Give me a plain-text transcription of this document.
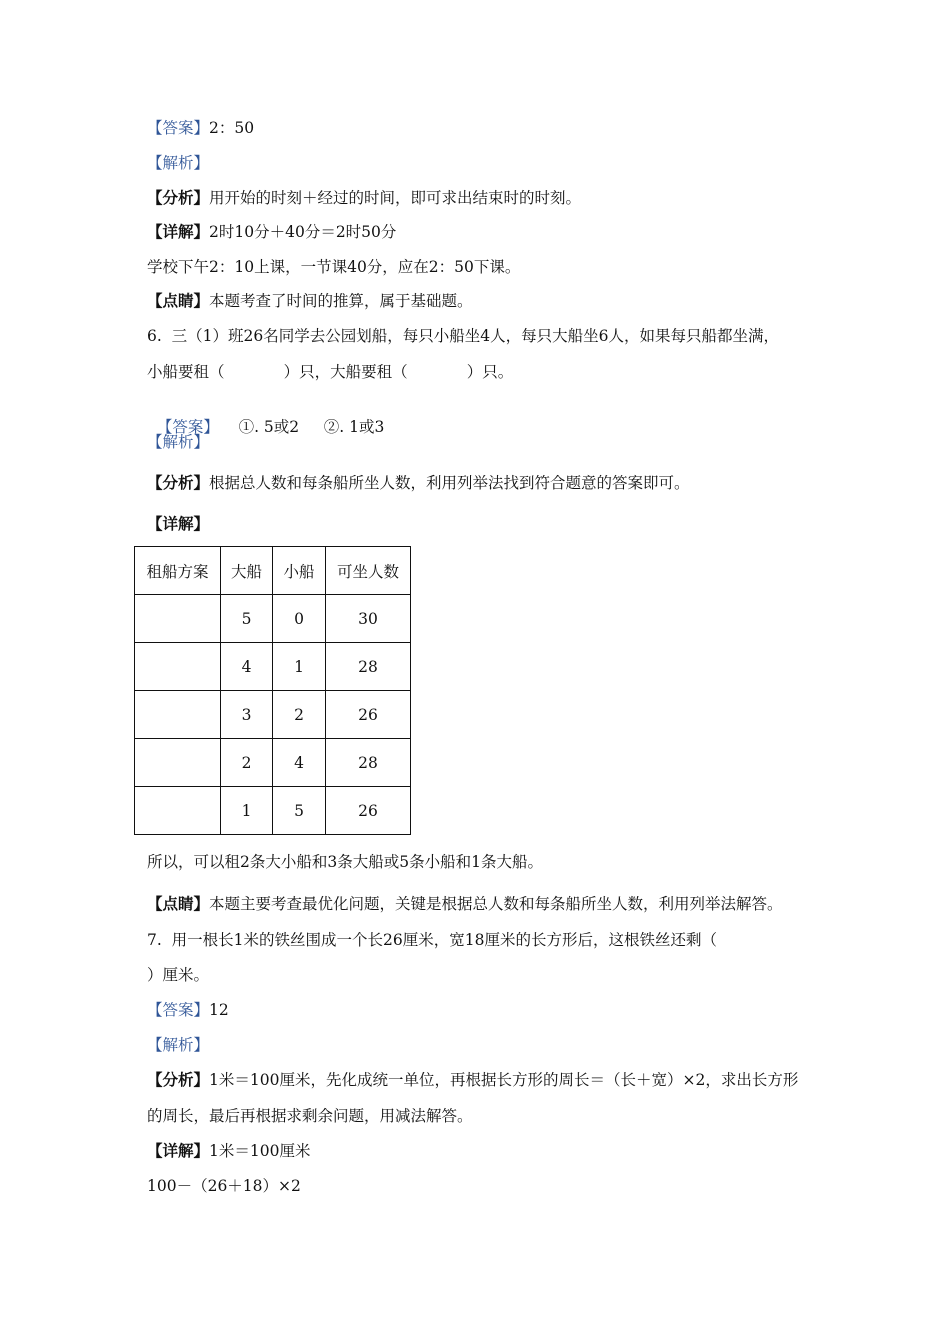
【答案】2：50
【解析】
【分析】用开始的时刻＋经过的时间，即可求出结束时的时刻。
【详解】2时10分＋40分＝2时50分
学校下午2：10上课，一节课40分，应在2：50下课。
【点睛】本题考查了时间的推算，属于基础题。
6.  三（1）班26名同学去公园划船，每只小船坐4人，每只大船坐6人，如果每只船都坐满，
小船要租（            ）只，大船要租（            ）只。

【答案】    ①. 5或2     ②. 1或3

【解析】
【分析】根据总人数和每条船所坐人数，利用列举法找到符合题意的答案即可。
【详解】
租船方案	大船	小船	可坐人数
	5	0	30
	4	1	28
	3	2	26
	2	4	28
	1	5	26
所以，可以租2条大小船和3条大船或5条小船和1条大船。
【点睛】本题主要考查最优化问题，关键是根据总人数和每条船所坐人数，利用列举法解答。
7.  用一根长1米的铁丝围成一个长26厘米，宽18厘米的长方形后，这根铁丝还剩（
）厘米。
【答案】12
【解析】
【分析】1米＝100厘米，先化成统一单位，再根据长方形的周长＝（长＋宽）×2，求出长方形
的周长，最后再根据求剩余问题，用减法解答。
【详解】1米＝100厘米
100－（26＋18）×2
